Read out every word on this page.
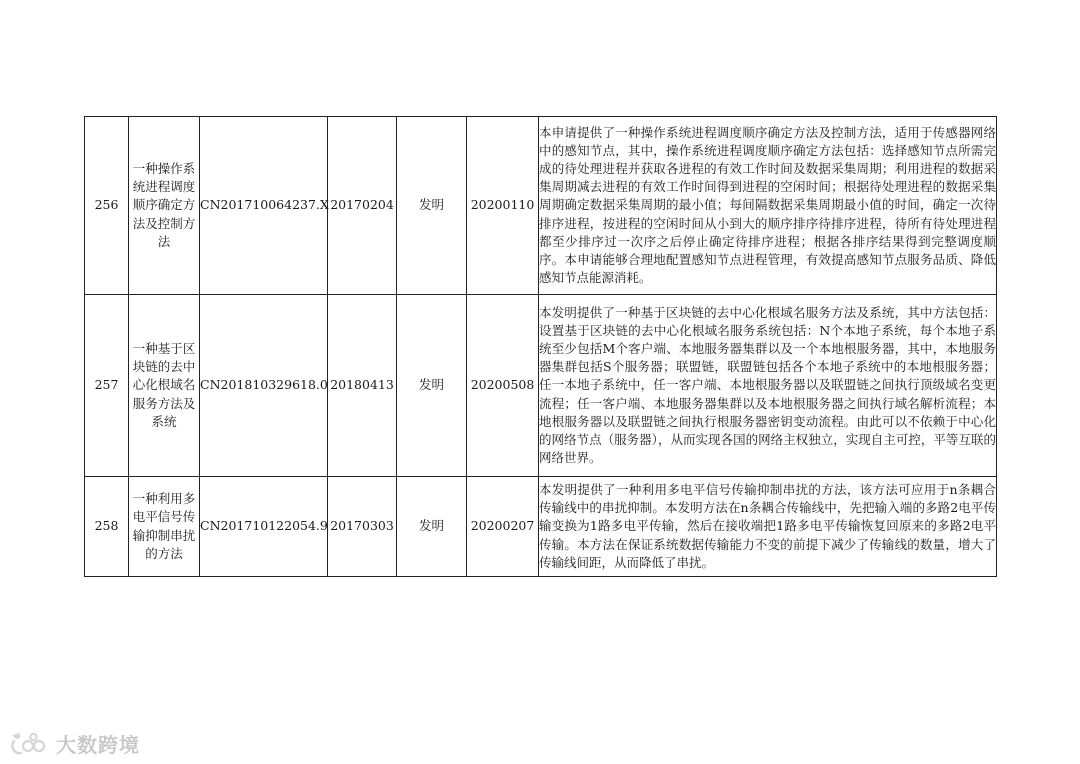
256	一种操作系统进程调度顺序确定方法及控制方法	CN201710064237.X	20170204	发明	20200110	本申请提供了一种操作系统进程调度顺序确定方法及控制方法，适用于传感器网络中的感知节点，其中，操作系统进程调度顺序确定方法包括：选择感知节点所需完成的待处理进程并获取各进程的有效工作时间及数据采集周期；利用进程的数据采集周期减去进程的有效工作时间得到进程的空闲时间；根据待处理进程的数据采集周期确定数据采集周期的最小值；每间隔数据采集周期最小值的时间，确定一次待排序进程，按进程的空闲时间从小到大的顺序排序待排序进程，待所有待处理进程都至少排序过一次序之后停止确定待排序进程；根据各排序结果得到完整调度顺序。本申请能够合理地配置感知节点进程管理，有效提高感知节点服务品质、降低感知节点能源消耗。
257	一种基于区块链的去中心化根域名服务方法及系统	CN201810329618.0	20180413	发明	20200508	本发明提供了一种基于区块链的去中心化根域名服务方法及系统，其中方法包括：设置基于区块链的去中心化根域名服务系统包括：N个本地子系统，每个本地子系统至少包括M个客户端、本地服务器集群以及一个本地根服务器，其中，本地服务器集群包括S个服务器；联盟链，联盟链包括各个本地子系统中的本地根服务器；任一本地子系统中，任一客户端、本地根服务器以及联盟链之间执行顶级域名变更流程；任一客户端、本地服务器集群以及本地根服务器之间执行域名解析流程；本地根服务器以及联盟链之间执行根服务器密钥变动流程。由此可以不依赖于中心化的网络节点（服务器），从而实现各国的网络主权独立，实现自主可控，平等互联的网络世界。
258	一种利用多电平信号传输抑制串扰的方法	CN201710122054.9	20170303	发明	20200207	本发明提供了一种利用多电平信号传输抑制串扰的方法，该方法可应用于n条耦合传输线中的串扰抑制。本发明方法在n条耦合传输线中，先把输入端的多路2电平传输变换为1路多电平传输，然后在接收端把1路多电平传输恢复回原来的多路2电平传输。本方法在保证系统数据传输能力不变的前提下减少了传输线的数量，增大了传输线间距，从而降低了串扰。
大数跨境
